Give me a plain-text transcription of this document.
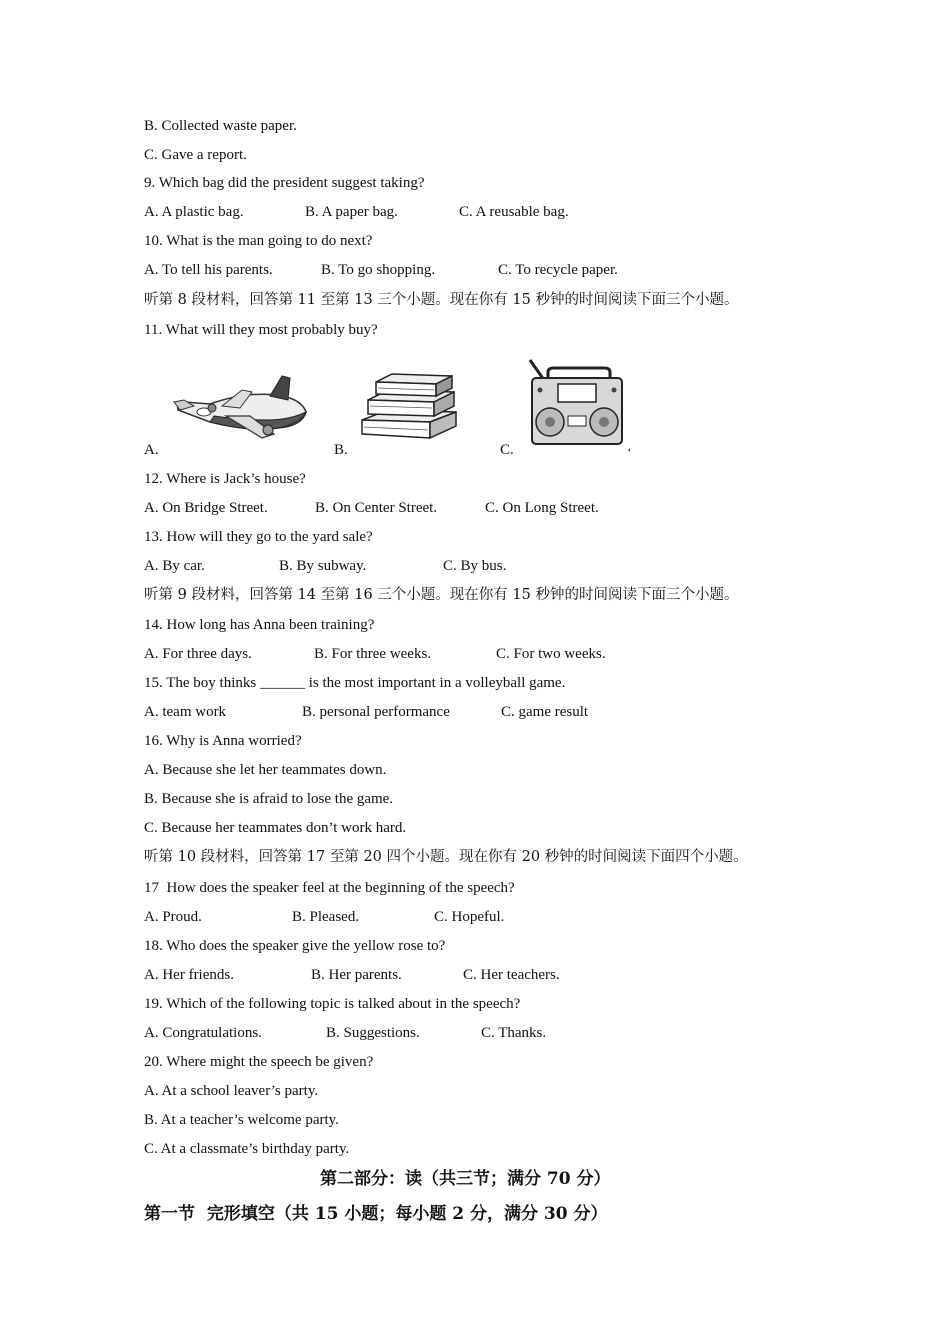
B. Collected waste paper.
C. Gave a report.
9. Which bag did the president suggest taking?
A. A plastic bag.	B. A paper bag.	C. A reusable bag.
10. What is the man going to do next?
A. To tell his parents.	B. To go shopping.	C. To recycle paper.
听第 8 段材料，回答第 11 至第 13 三个小题。现在你有 15 秒钟的时间阅读下面三个小题。
11. What will they most probably buy?
A.	B.	C.
12. Where is Jack’s house?
A. On Bridge Street.	B. On Center Street.	C. On Long Street.
13. How will they go to the yard sale?
A. By car.	B. By subway.	C. By bus.
听第 9 段材料，回答第 14 至第 16 三个小题。现在你有 15 秒钟的时间阅读下面三个小题。
14. How long has Anna been training?
A. For three days.	B. For three weeks.	C. For two weeks.
15. The boy thinks ______ is the most important in a volleyball game.
A. team work	B. personal performance	C. game result
16. Why is Anna worried?
A. Because she let her teammates down.
B. Because she is afraid to lose the game.
C. Because her teammates don’t work hard.
听第 10 段材料，回答第 17 至第 20 四个小题。现在你有 20 秒钟的时间阅读下面四个小题。
17  How does the speaker feel at the beginning of the speech?
A. Proud.	B. Pleased.	C. Hopeful.
18. Who does the speaker give the yellow rose to?
A. Her friends.	B. Her parents.	C. Her teachers.
19. Which of the following topic is talked about in the speech?
A. Congratulations.	B. Suggestions.	C. Thanks.
20. Where might the speech be given?
A. At a school leaver’s party.
B. At a teacher’s welcome party.
C. At a classmate’s birthday party.
第二部分：读（共三节；满分 70 分）
第一节  完形填空（共 15 小题；每小题 2 分，满分 30 分）
